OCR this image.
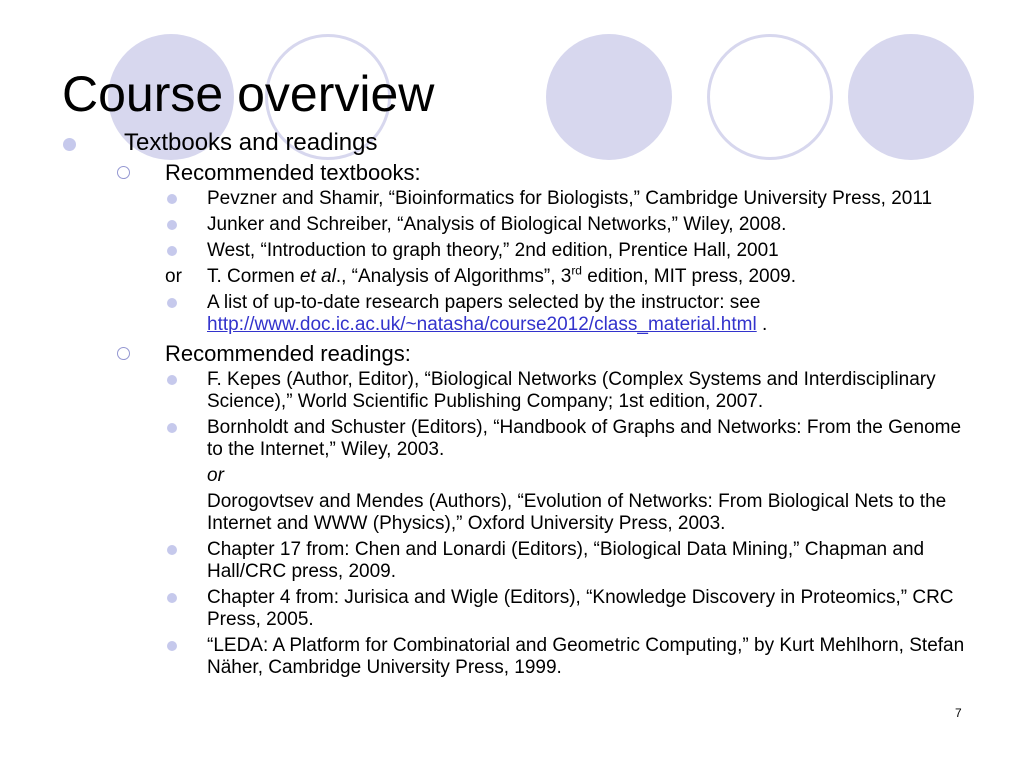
Course overview
Textbooks and readings
Recommended textbooks:
Pevzner and Shamir, “Bioinformatics for Biologists,” Cambridge University Press, 2011
Junker and Schreiber, “Analysis of Biological Networks,” Wiley, 2008.
West, “Introduction to graph theory,” 2nd edition, Prentice Hall, 2001
or T. Cormen et al., “Analysis of Algorithms”, 3rd edition, MIT press, 2009.
A list of up-to-date research papers selected by the instructor: see
http://www.doc.ic.ac.uk/~natasha/course2012/class_material.html .
Recommended readings:
F. Kepes (Author, Editor), “Biological Networks (Complex Systems and Interdisciplinary Science),” World Scientific Publishing Company; 1st edition, 2007.
Bornholdt and Schuster (Editors), “Handbook of Graphs and Networks: From the Genome to the Internet,” Wiley, 2003.
or
Dorogovtsev and Mendes (Authors), “Evolution of Networks: From Biological Nets to the Internet and WWW (Physics),” Oxford University Press, 2003.
Chapter 17 from: Chen and Lonardi (Editors), “Biological Data Mining,” Chapman and Hall/CRC press, 2009.
Chapter 4 from: Jurisica and Wigle (Editors), “Knowledge Discovery in Proteomics,” CRC Press, 2005.
“LEDA: A Platform for Combinatorial and Geometric Computing,” by Kurt Mehlhorn, Stefan Näher, Cambridge University Press, 1999.
7
